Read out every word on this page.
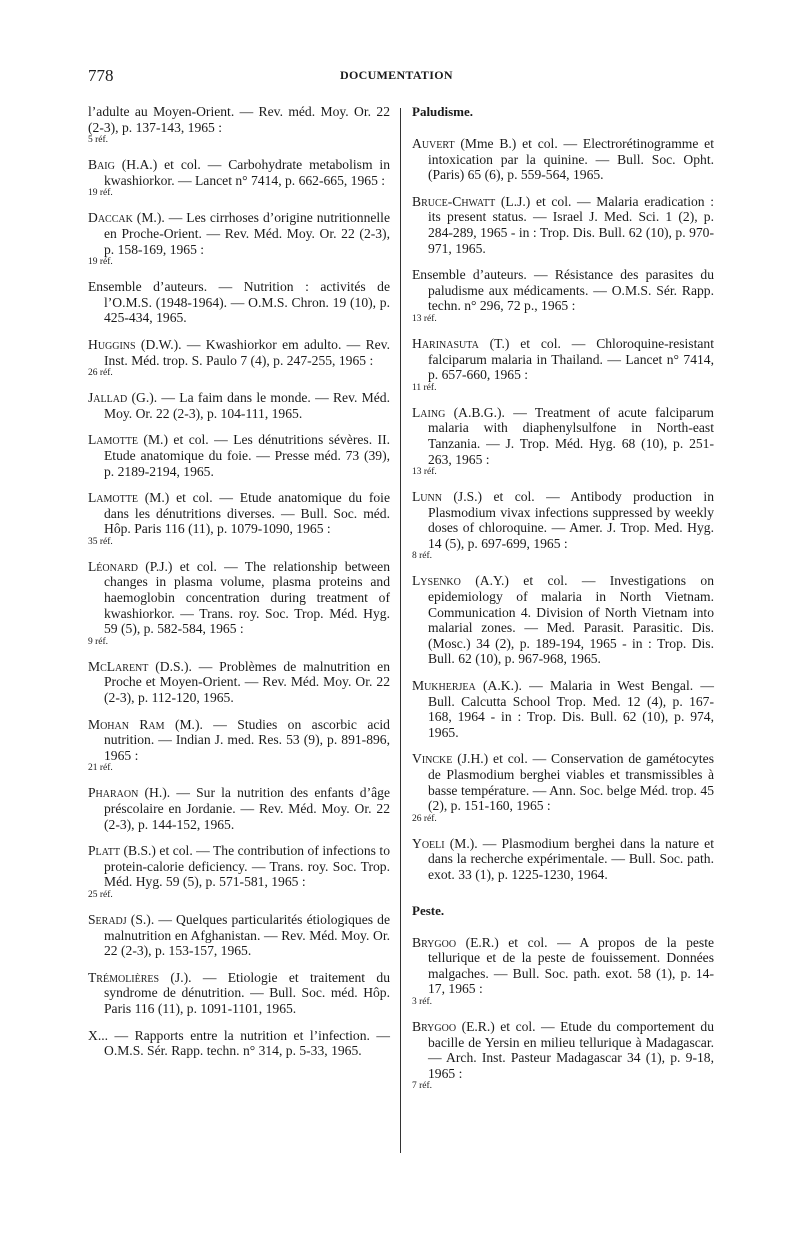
778	DOCUMENTATION
l’adulte au Moyen-Orient. — Rev. méd. Moy. Or. 22 (2-3), p. 137-143, 1965 :
5 réf.
Baig (H.A.) et col. — Carbohydrate metabolism in kwashiorkor. — Lancet n° 7414, p. 662-665, 1965 :
19 réf.
Daccak (M.). — Les cirrhoses d’origine nutritionnelle en Proche-Orient. — Rev. Méd. Moy. Or. 22 (2-3), p. 158-169, 1965 :
19 réf.
Ensemble d’auteurs. — Nutrition : activités de l’O.M.S. (1948-1964). — O.M.S. Chron. 19 (10), p. 425-434, 1965.
Huggins (D.W.). — Kwashiorkor em adulto. — Rev. Inst. Méd. trop. S. Paulo 7 (4), p. 247-255, 1965 :
26 réf.
Jallad (G.). — La faim dans le monde. — Rev. Méd. Moy. Or. 22 (2-3), p. 104-111, 1965.
Lamotte (M.) et col. — Les dénutritions sévères. II. Etude anatomique du foie. — Presse méd. 73 (39), p. 2189-2194, 1965.
Lamotte (M.) et col. — Etude anatomique du foie dans les dénutritions diverses. — Bull. Soc. méd. Hôp. Paris 116 (11), p. 1079-1090, 1965 :
35 réf.
Léonard (P.J.) et col. — The relationship between changes in plasma volume, plasma proteins and haemoglobin concentration during treatment of kwashiorkor. — Trans. roy. Soc. Trop. Méd. Hyg. 59 (5), p. 582-584, 1965 :
9 réf.
McLarent (D.S.). — Problèmes de malnutrition en Proche et Moyen-Orient. — Rev. Méd. Moy. Or. 22 (2-3), p. 112-120, 1965.
Mohan Ram (M.). — Studies on ascorbic acid nutrition. — Indian J. med. Res. 53 (9), p. 891-896, 1965 :
21 réf.
Pharaon (H.). — Sur la nutrition des enfants d’âge préscolaire en Jordanie. — Rev. Méd. Moy. Or. 22 (2-3), p. 144-152, 1965.
Platt (B.S.) et col. — The contribution of infections to protein-calorie deficiency. — Trans. roy. Soc. Trop. Méd. Hyg. 59 (5), p. 571-581, 1965 :
25 réf.
Seradj (S.). — Quelques particularités étiologiques de malnutrition en Afghanistan. — Rev. Méd. Moy. Or. 22 (2-3), p. 153-157, 1965.
Trémolières (J.). — Etiologie et traitement du syndrome de dénutrition. — Bull. Soc. méd. Hôp. Paris 116 (11), p. 1091-1101, 1965.
X... — Rapports entre la nutrition et l’infection. — O.M.S. Sér. Rapp. techn. n° 314, p. 5-33, 1965.
Paludisme.
Auvert (Mme B.) et col. — Electrorétinogramme et intoxication par la quinine. — Bull. Soc. Opht. (Paris) 65 (6), p. 559-564, 1965.
Bruce-Chwatt (L.J.) et col. — Malaria eradication : its present status. — Israel J. Med. Sci. 1 (2), p. 284-289, 1965 - in : Trop. Dis. Bull. 62 (10), p. 970-971, 1965.
Ensemble d’auteurs. — Résistance des parasites du paludisme aux médicaments. — O.M.S. Sér. Rapp. techn. n° 296, 72 p., 1965 :
13 réf.
Harinasuta (T.) et col. — Chloroquine-resistant falciparum malaria in Thailand. — Lancet n° 7414, p. 657-660, 1965 :
11 réf.
Laing (A.B.G.). — Treatment of acute falciparum malaria with diaphenylsulfone in North-east Tanzania. — J. Trop. Méd. Hyg. 68 (10), p. 251-263, 1965 :
13 réf.
Lunn (J.S.) et col. — Antibody production in Plasmodium vivax infections suppressed by weekly doses of chloroquine. — Amer. J. Trop. Med. Hyg. 14 (5), p. 697-699, 1965 :
8 réf.
Lysenko (A.Y.) et col. — Investigations on epidemiology of malaria in North Vietnam. Communication 4. Division of North Vietnam into malarial zones. — Med. Parasit. Parasitic. Dis. (Mosc.) 34 (2), p. 189-194, 1965 - in : Trop. Dis. Bull. 62 (10), p. 967-968, 1965.
Mukherjea (A.K.). — Malaria in West Bengal. — Bull. Calcutta School Trop. Med. 12 (4), p. 167-168, 1964 - in : Trop. Dis. Bull. 62 (10), p. 974, 1965.
Vincke (J.H.) et col. — Conservation de gamétocytes de Plasmodium berghei viables et transmissibles à basse température. — Ann. Soc. belge Méd. trop. 45 (2), p. 151-160, 1965 :
26 réf.
Yoeli (M.). — Plasmodium berghei dans la nature et dans la recherche expérimentale. — Bull. Soc. path. exot. 33 (1), p. 1225-1230, 1964.
Peste.
Brygoo (E.R.) et col. — A propos de la peste tellurique et de la peste de fouissement. Données malgaches. — Bull. Soc. path. exot. 58 (1), p. 14-17, 1965 :
3 réf.
Brygoo (E.R.) et col. — Etude du comportement du bacille de Yersin en milieu tellurique à Madagascar. — Arch. Inst. Pasteur Madagascar 34 (1), p. 9-18, 1965 :
7 réf.
